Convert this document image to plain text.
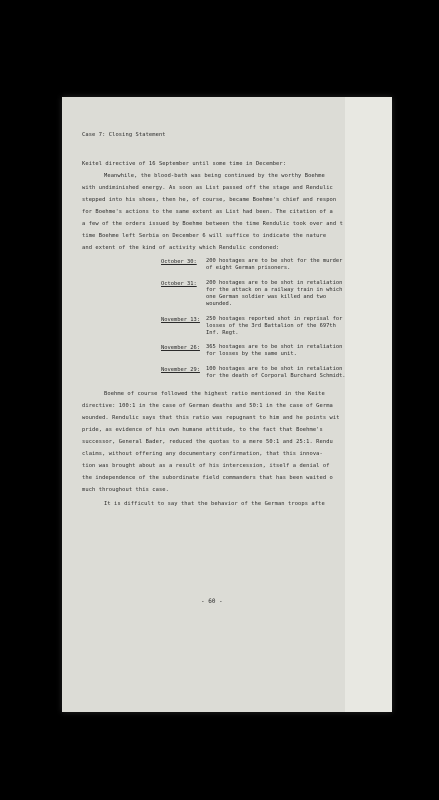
Case 7: Closing Statement
Keitel directive of 16 September until some time in December:
Meanwhile, the blood-bath was being continued by the worthy Boehme
with undiminished energy. As soon as List passed off the stage and Rendulic
stepped into his shoes, then he, of course, became Boehme's chief and respon
for Boehme's actions to the same extent as List had been. The citation of a
a few of the orders issued by Boehme between the time Rendulic took over and t
time Boehme left Serbia on December 6 will suffice to indicate the nature
and extent of the kind of activity which Rendulic condoned:
October 30: 200 hostages are to be shot for the murder
of eight German prisoners.
October 31: 200 hostages are to be shot in retaliation
for the attack on a railway train in which
one German soldier was killed and two
wounded.
November 13: 250 hostages reported shot in reprisal for
losses of the 3rd Battalion of the 697th
Inf. Regt.
November 26: 365 hostages are to be shot in retaliation
for losses by the same unit.
November 29: 100 hostages are to be shot in retaliation
for the death of Corporal Burchard Schmidt.
Boehme of course followed the highest ratio mentioned in the Keite
directive: 100:1 in the case of German deaths and 50:1 in the case of Germa
wounded. Rendulic says that this ratio was repugnant to him and he points wit
pride, as evidence of his own humane attitude, to the fact that Boehme's
successor, General Bader, reduced the quotas to a mere 50:1 and 25:1. Rendu
claims, without offering any documentary confirmation, that this innova-
tion was brought about as a result of his intercession, itself a denial of
the independence of the subordinate field commanders that has been waited o
much throughout this case.
It is difficult to say that the behavior of the German troops afte
- 60 -
